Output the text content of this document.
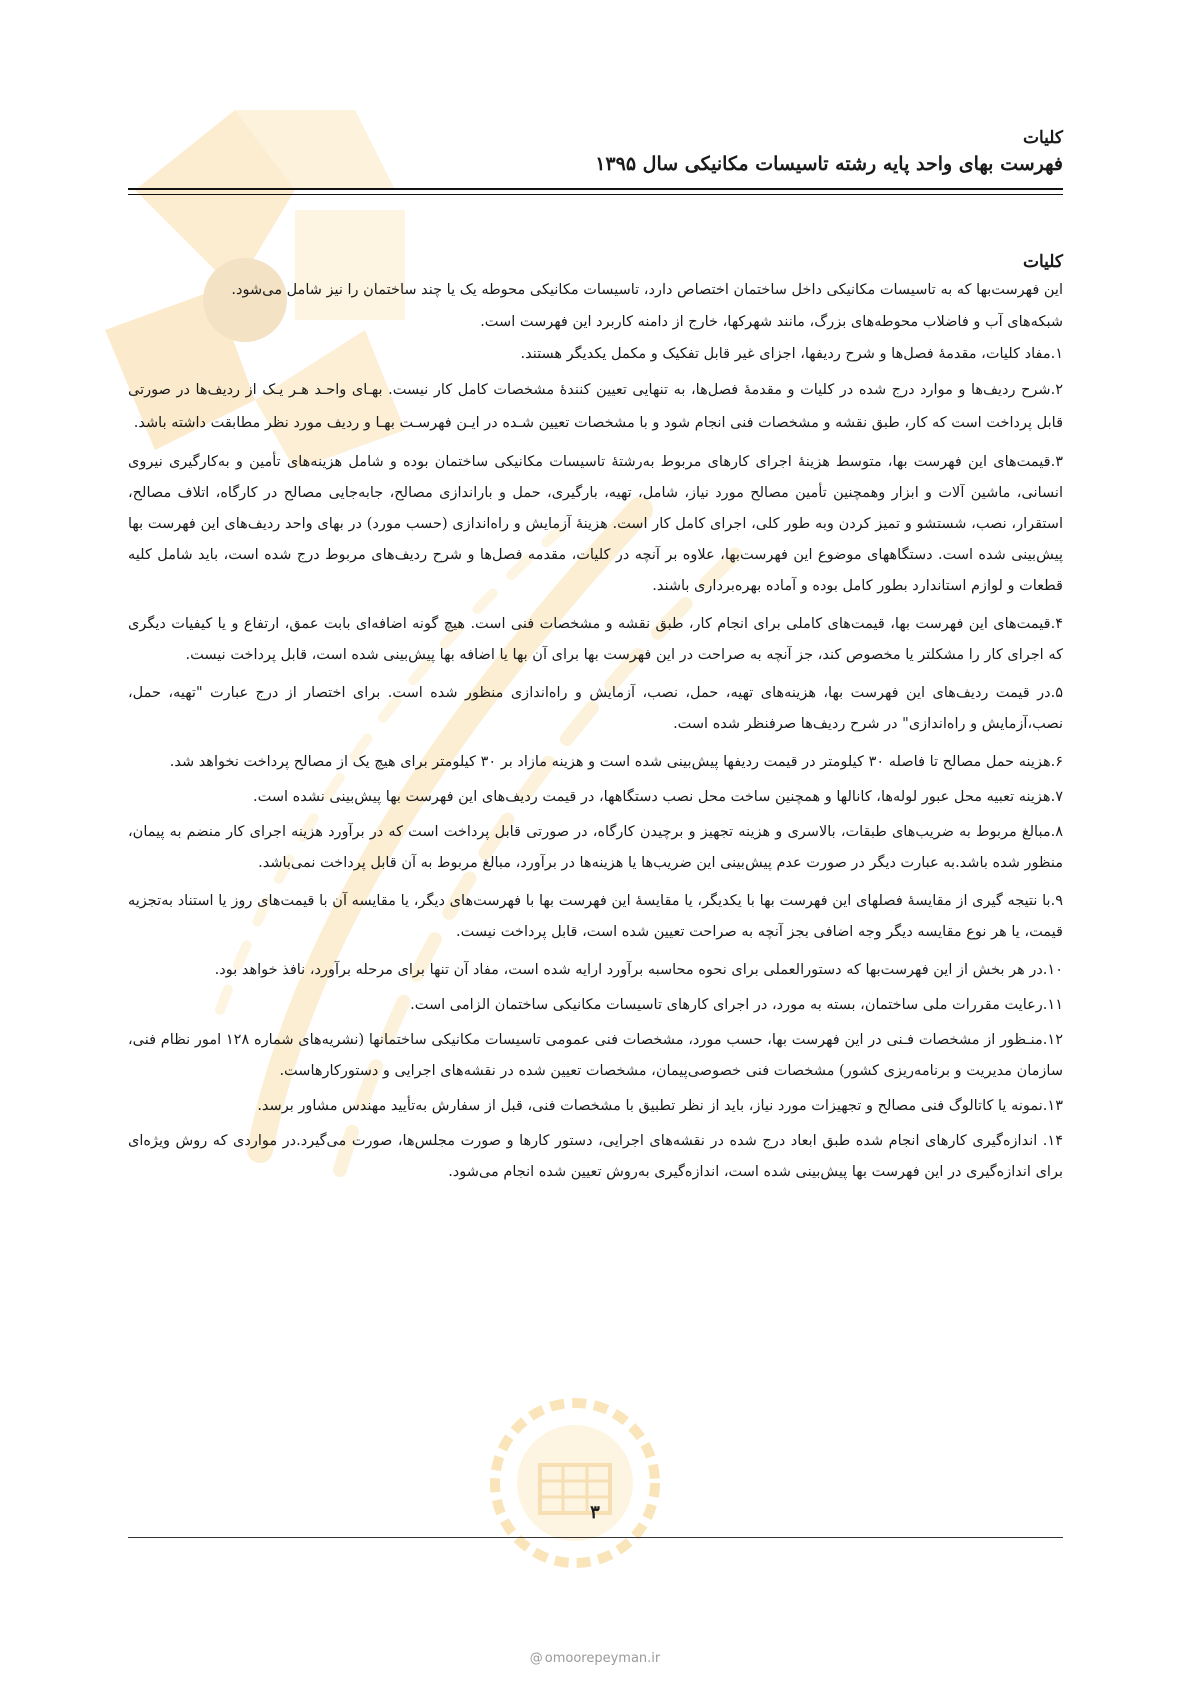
کلیات
فهرست بهای واحد پایه رشته تاسیسات مکانیکی سال ۱۳۹۵
کلیات

این فهرست‌بها که به تاسیسات مکانیکی داخل ساختمان اختصاص دارد، تاسیسات مکانیکی محوطه یک یا چند ساختمان را نیز شامل می‌شود.

شبکه‌های آب و فاضلاب محوطه‌های بزرگ، مانند شهرکها، خارج از دامنه کاربرد این فهرست است.

۱.مفاد کلیات، مقدمهٔ فصل‌ها و شرح ردیفها، اجزای غیر قابل تفکیک و مکمل یکدیگر هستند.

۲.شرح ردیف‌ها و موارد درج شده در کلیات و مقدمهٔ فصل‌ها، به تنهایی تعیین کنندهٔ مشخصات کامل کار نیست. بهـای واحـد هـر یـک از ردیف‌ها در صورتی قابل پرداخت است که کار، طبق نقشه و مشخصات فنی انجام شود و با مشخصات تعیین شـده در ایـن فهرسـت بهـا و ردیف مورد نظر مطابقت داشته باشد.

۳.قیمت‌های این فهرست بها، متوسط هزینهٔ اجرای کارهای مربوط به‌رشتهٔ تاسیسات مکانیکی ساختمان بوده و شامل هزینه‌های تأمین و به‌کارگیری نیروی انسانی، ماشین آلات و ابزار وهمچنین تأمین مصالح مورد نیاز، شامل، تهیه، بارگیری، حمل و باراندازی مصالح، جابه‌جایی مصالح در کارگاه، اتلاف مصالح، استقرار، نصب، شستشو و تمیز کردن وبه طور کلی، اجرای کامل کار است. هزینهٔ آزمایش و راه‌اندازی (حسب مورد) در بهای واحد ردیف‌های این فهرست بها پیش‌بینی شده است. دستگاههای موضوع این فهرست‌بها، علاوه بر آنچه در کلیات، مقدمه فصل‌ها و شرح ردیف‌های مربوط درج شده است، باید شامل کلیه قطعات و لوازم استاندارد بطور کامل بوده و آماده بهره‌برداری باشند.

۴.قیمت‌های این فهرست بها، قیمت‌های کاملی برای انجام کار، طبق نقشه و مشخصات فنی است. هیچ گونه اضافه‌ای بابت عمق، ارتفاع و یا کیفیات دیگری که اجرای کار را مشکلتر یا مخصوص کند، جز آنچه به صراحت در این فهرست بها برای آن بها یا اضافه بها پیش‌بینی شده است، قابل پرداخت نیست.

۵.در قیمت ردیف‌های این فهرست بها، هزینه‌های تهیه، حمل، نصب، آزمایش و راه‌اندازی منظور شده است. برای اختصار از درج عبارت "تهیه، حمل، نصب،آزمایش و راه‌اندازی" در شرح ردیف‌ها صرفنظر شده است.

۶.هزینه حمل مصالح تا فاصله ۳۰ کیلومتر در قیمت ردیفها پیش‌بینی شده است و هزینه مازاد بر ۳۰ کیلومتر برای هیچ یک از مصالح پرداخت نخواهد شد.

۷.هزینه تعبیه محل عبور لوله‌ها، کانالها و همچنین ساخت محل نصب دستگاهها، در قیمت ردیف‌های این فهرست بها پیش‌بینی نشده است.

۸.مبالغ مربوط به ضریب‌های طبقات، بالاسری و هزینه تجهیز و برچیدن کارگاه، در صورتی قابل پرداخت است که در برآورد هزینه اجرای کار منضم به پیمان، منظور شده باشد.به عبارت دیگر در صورت عدم پیش‌بینی این ضریب‌ها یا هزینه‌ها در برآورد، مبالغ مربوط به آن قابل پرداخت نمی‌باشد.

۹.با نتیجه گیری از مقایسهٔ فصلهای این فهرست بها با یکدیگر، یا مقایسهٔ این فهرست بها با فهرست‌های دیگر، یا مقایسه آن با قیمت‌های روز یا استناد به‌تجزیه قیمت، یا هر نوع مقایسه دیگر وجه اضافی بجز آنچه به صراحت تعیین شده است، قابل پرداخت نیست.

۱۰.در هر بخش از این فهرست‌بها که دستورالعملی برای نحوه محاسبه برآورد ارایه شده است، مفاد آن تنها برای مرحله برآورد، نافذ خواهد بود.

۱۱.رعایت مقررات ملی ساختمان، بسته به مورد، در اجرای کارهای تاسیسات مکانیکی ساختمان الزامی است.

۱۲.منـظور از مشخصات فـنی در این فهرست بها، حسب مورد، مشخصات فنی عمومی تاسیسات مکانیکی ساختمانها (نشریه‌های شماره ۱۲۸ امور نظام فنی، سازمان مدیریت و برنامه‌ریزی کشور) مشخصات فنی خصوصی‌پیمان، مشخصات تعیین شده در نقشه‌های اجرایی و دستورکارهاست.

۱۳.نمونه یا کاتالوگ فنی مصالح و تجهیزات مورد نیاز، باید از نظر تطبیق با مشخصات فنی، قبل از سفارش به‌تأیید مهندس مشاور برسد.

۱۴. اندازه‌گیری کارهای انجام شده طبق ابعاد درج شده در نقشه‌های اجرایی، دستور کارها و صورت مجلس‌ها، صورت می‌گیرد.در مواردی که روش ویژه‌ای برای اندازه‌گیری در این فهرست بها پیش‌بینی شده است، اندازه‌گیری به‌روش تعیین شده انجام می‌شود.

۳
@ omoorepeyman.ir
